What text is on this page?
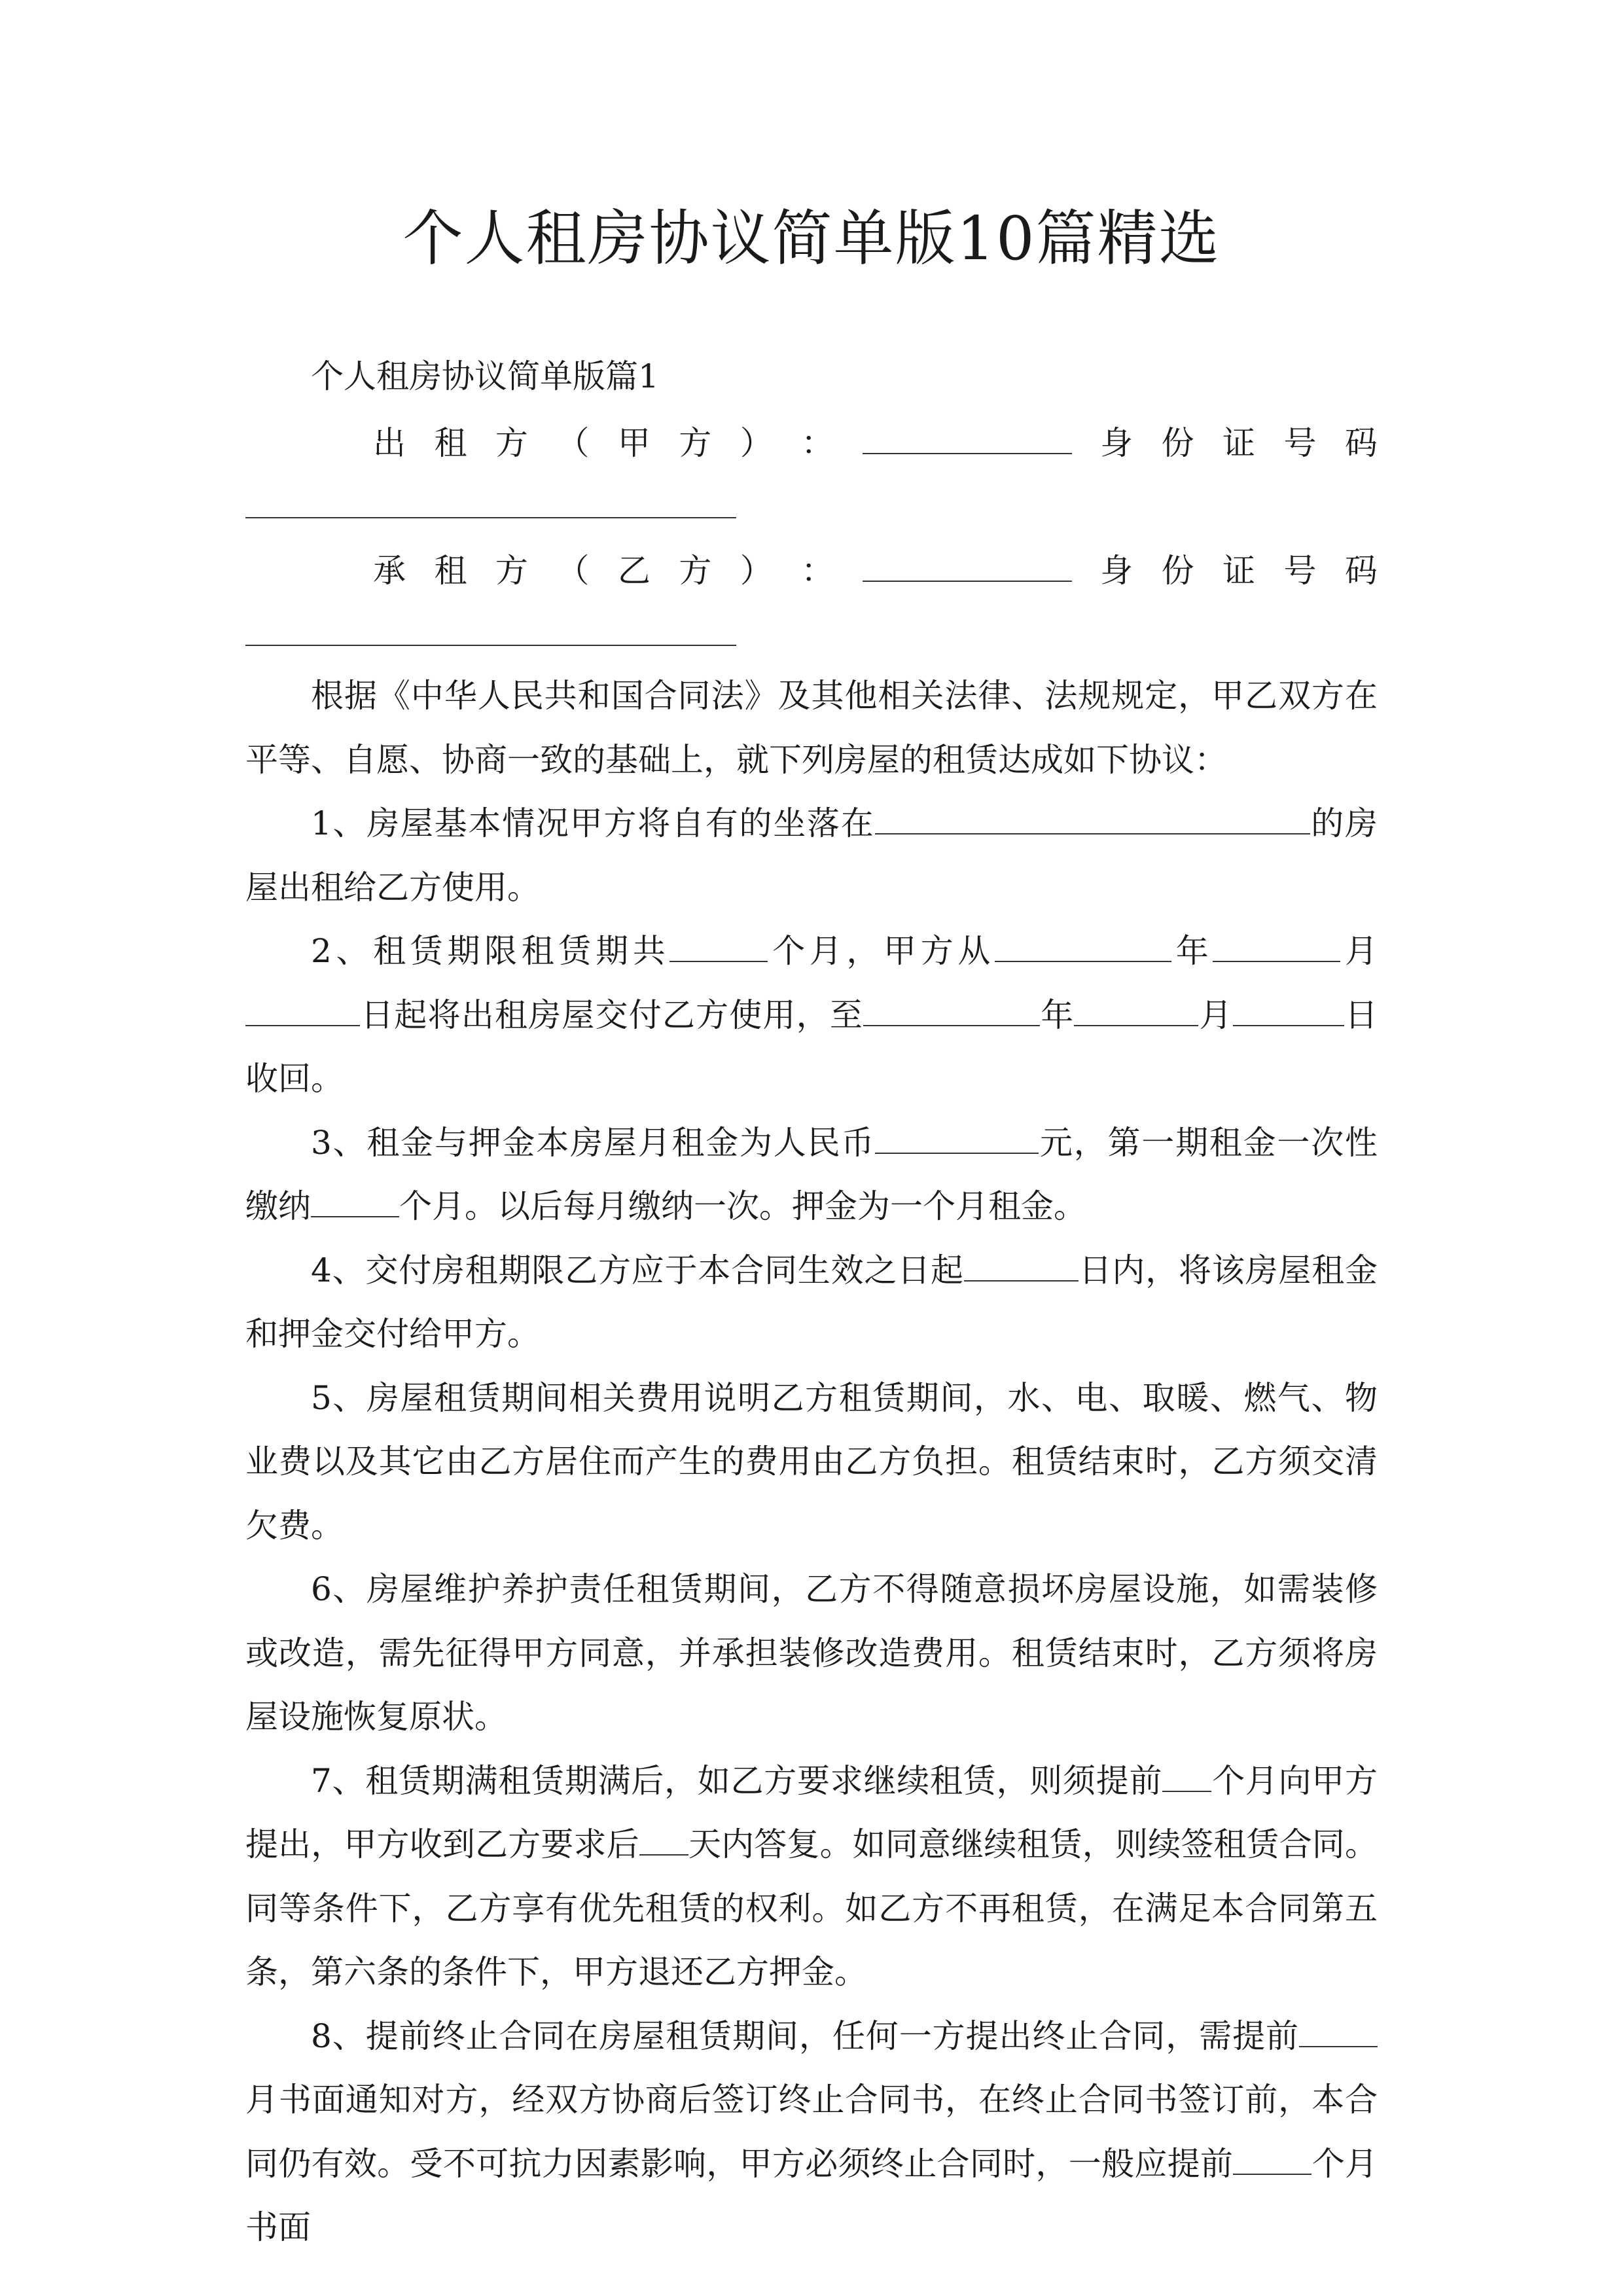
个人租房协议简单版10篇精选
个人租房协议简单版篇1
出 租 方 （ 甲 方 ） ：	身 份 证 号 码
承 租 方 （ 乙 方 ） ：	身 份 证 号 码

根据《中华人民共和国合同法》及其他相关法律、法规规定，甲乙双方在平等、自愿、协商一致的基础上，就下列房屋的租赁达成如下协议：

1、房屋基本情况甲方将自有的坐落在	的房屋出租给乙方使用。

2、租赁期限租赁期共	个月，甲方从	年	月日起将出租房屋交付乙方使用，至	年	月	日收回。

3、租金与押金本房屋月租金为人民币	元，第一期租金一次性缴纳	个月。以后每月缴纳一次。押金为一个月租金。

4、交付房租期限乙方应于本合同生效之日起	日内，将该房屋租金和押金交付给甲方。

5、房屋租赁期间相关费用说明乙方租赁期间，水、电、取暖、燃气、物业费以及其它由乙方居住而产生的费用由乙方负担。租赁结束时，乙方须交清欠费。

6、房屋维护养护责任租赁期间，乙方不得随意损坏房屋设施，如需装修或改造，需先征得甲方同意，并承担装修改造费用。租赁结束时，乙方须将房屋设施恢复原状。

7、租赁期满租赁期满后，如乙方要求继续租赁，则须提前 个月向甲方提出，甲方收到乙方要求后 天内答复。如同意继续租赁，则续签租赁合同。同等条件下，乙方享有优先租赁的权利。如乙方不再租赁，在满足本合同第五条，第六条的条件下，甲方退还乙方押金。

8、提前终止合同在房屋租赁期间，任何一方提出终止合同，需提前月书面通知对方，经双方协商后签订终止合同书，在终止合同书签订前，本合同仍有效。受不可抗力因素影响，甲方必须终止合同时，一般应提前 个月书面
